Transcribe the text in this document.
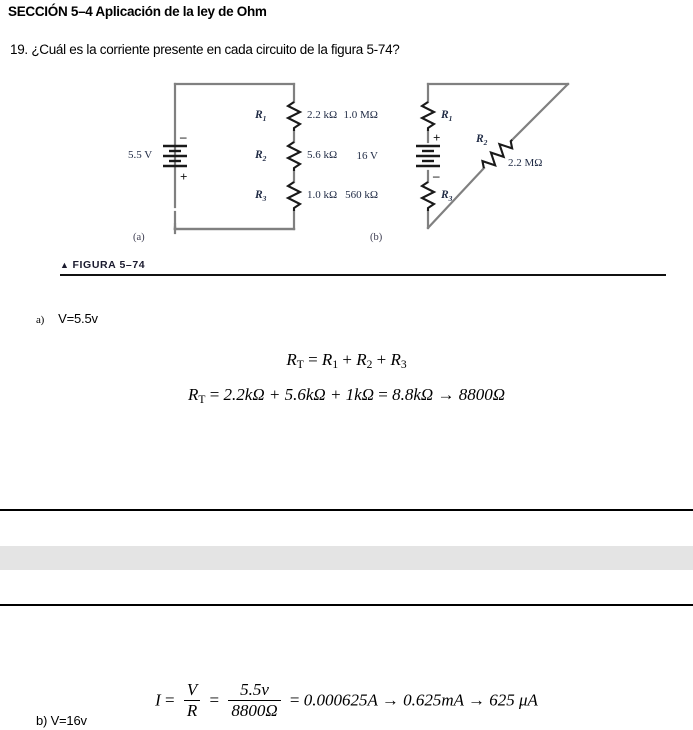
SECCIÓN 5–4 Aplicación de la ley de Ohm
19. ¿Cuál es la corriente presente en cada circuito de la figura 5-74?
–
+
5.5 V
$R_1$	2.2 kΩ
$R_2$	5.6 kΩ
$R_3$	1.0 kΩ
(a)
$R_1$
1.0 MΩ
+
–
16 V
$R_3$
560 kΩ
$R_2$
2.2 MΩ
(b)
▲ FIGURA 5–74
a) V=5.5v
$R_T = R_1 + R_2 + R_3$
$R_T = 2.2k\Omega + 5.6k\Omega + 1k\Omega = 8.8k\Omega \to 8800\Omega$
$I = \frac{V}{R} = \frac{5.5v}{8800\Omega} = 0.000625A \to 0.625mA \to 625$ μA
b) V=16v
